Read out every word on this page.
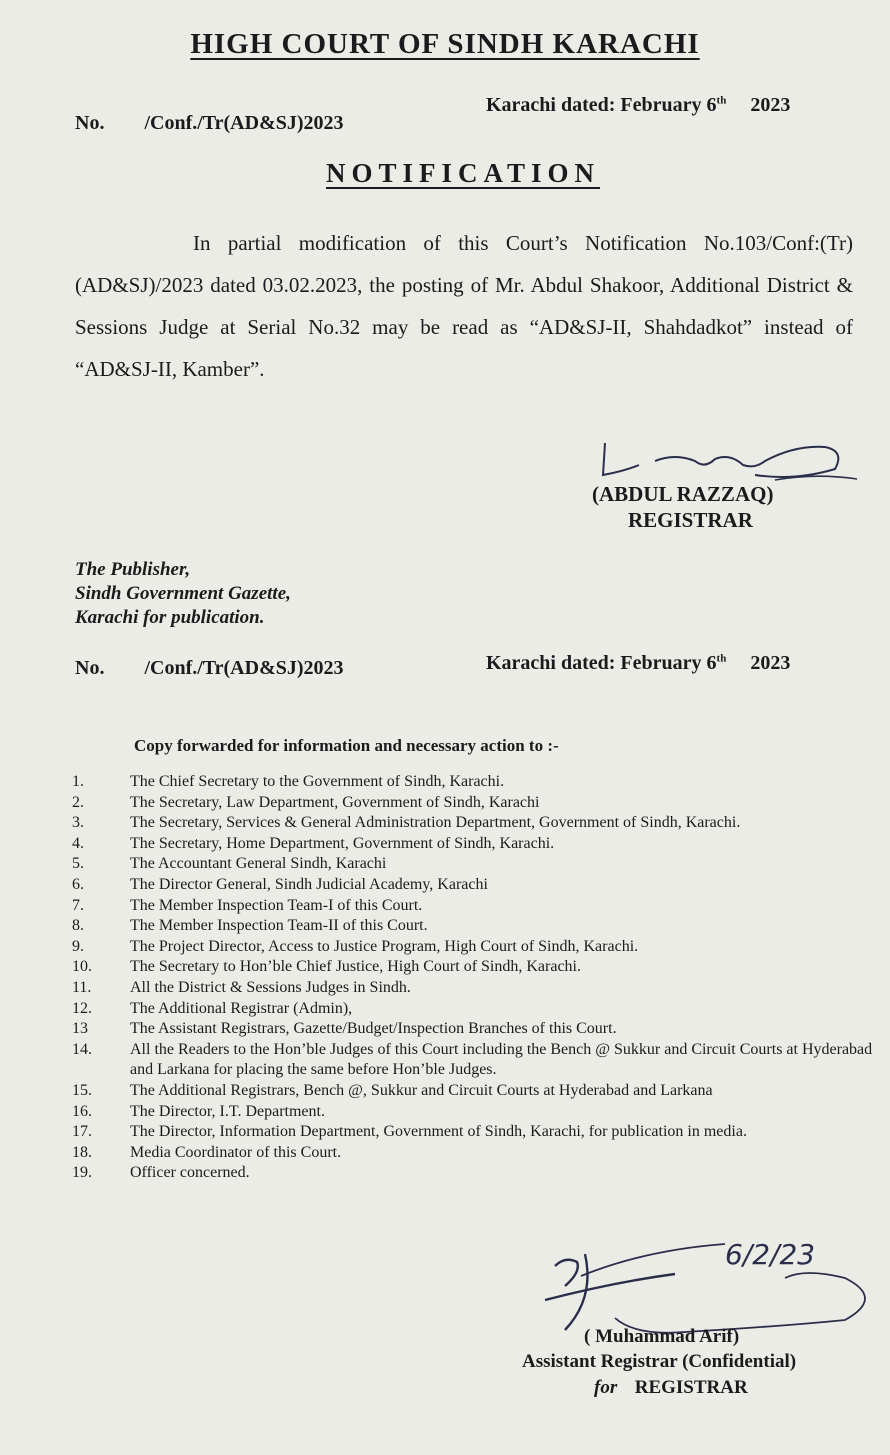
HIGH COURT OF SINDH KARACHI
No. /Conf./Tr(AD&SJ)2023
Karachi dated: February 6th 2023
NOTIFICATION
In partial modification of this Court’s Notification No.103/Conf:(Tr)(AD&SJ)/2023 dated 03.02.2023, the posting of Mr. Abdul Shakoor, Additional District & Sessions Judge at Serial No.32 may be read as “AD&SJ-II, Shahdadkot” instead of “AD&SJ-II, Kamber”.
(ABDUL RAZZAQ)
REGISTRAR
The Publisher,
Sindh Government Gazette,
Karachi for publication.
No. /Conf./Tr(AD&SJ)2023	Karachi dated: February 6th 2023
Copy forwarded for information and necessary action to :-
1.	The Chief Secretary to the Government of Sindh, Karachi.
2.	The Secretary, Law Department, Government of Sindh, Karachi
3.	The Secretary, Services & General Administration Department, Government of Sindh, Karachi.
4.	The Secretary, Home Department, Government of Sindh, Karachi.
5.	The Accountant General Sindh, Karachi
6.	The Director General, Sindh Judicial Academy, Karachi
7.	The Member Inspection Team-I of this Court.
8.	The Member Inspection Team-II of this Court.
9.	The Project Director, Access to Justice Program, High Court of Sindh, Karachi.
10.	The Secretary to Hon’ble Chief Justice, High Court of Sindh, Karachi.
11.	All the District & Sessions Judges in Sindh.
12.	The Additional Registrar (Admin),
13	The Assistant Registrars, Gazette/Budget/Inspection Branches of this Court.
14.	All the Readers to the Hon’ble Judges of this Court including the Bench @ Sukkur and Circuit Courts at Hyderabad and Larkana for placing the same before Hon’ble Judges.
15.	The Additional Registrars, Bench @, Sukkur and Circuit Courts at Hyderabad and Larkana
16.	The Director, I.T. Department.
17.	The Director, Information Department, Government of Sindh, Karachi, for publication in media.
18.	Media Coordinator of this Court.
19.	Officer concerned.
6/2/23
( Muhammad Arif)
Assistant Registrar (Confidential)
for REGISTRAR
